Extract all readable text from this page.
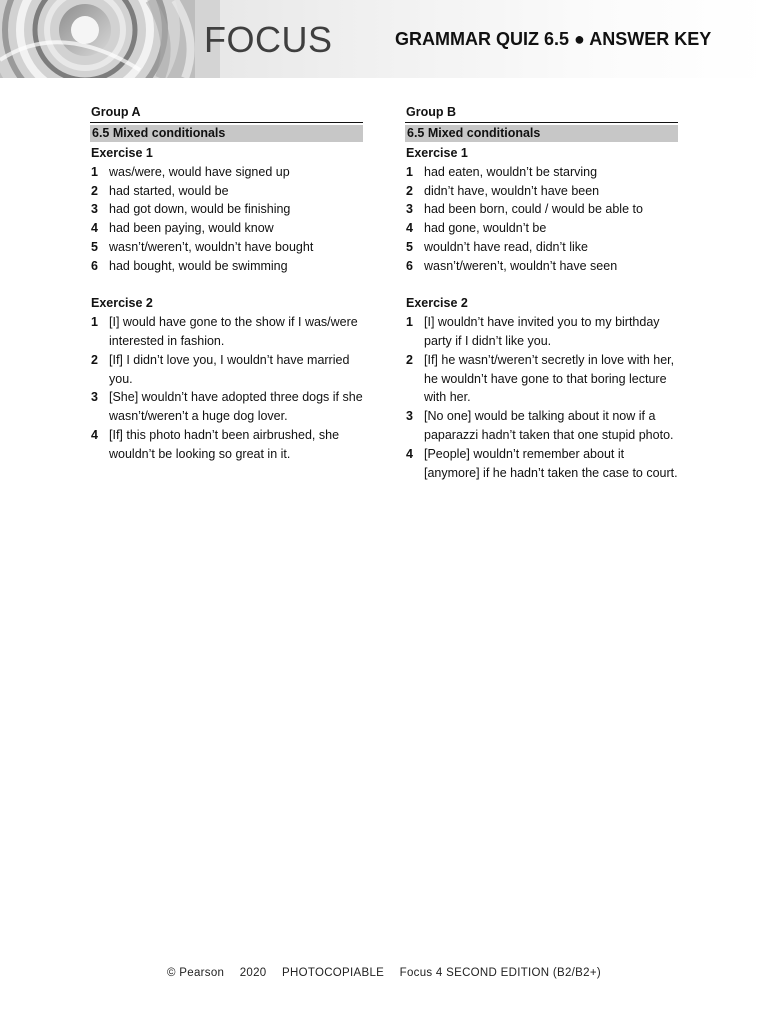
FOCUS	GRAMMAR QUIZ 6.5 ● ANSWER KEY
Group A
6.5 Mixed conditionals
Exercise 1
1 was/were, would have signed up
2 had started, would be
3 had got down, would be finishing
4 had been paying, would know
5 wasn’t/weren’t, wouldn’t have bought
6 had bought, would be swimming
Exercise 2
1 [I] would have gone to the show if I was/were interested in fashion.
2 [If] I didn’t love you, I wouldn’t have married you.
3 [She] wouldn’t have adopted three dogs if she wasn’t/weren’t a huge dog lover.
4 [If] this photo hadn’t been airbrushed, she wouldn’t be looking so great in it.
Group B
6.5 Mixed conditionals
Exercise 1
1 had eaten, wouldn’t be starving
2 didn’t have, wouldn’t have been
3 had been born, could / would be able to
4 had gone, wouldn’t be
5 wouldn’t have read, didn’t like
6 wasn’t/weren’t, wouldn’t have seen
Exercise 2
1 [I] wouldn’t have invited you to my birthday party if I didn’t like you.
2 [If] he wasn’t/weren’t secretly in love with her, he wouldn’t have gone to that boring lecture with her.
3 [No one] would be talking about it now if a paparazzi hadn’t taken that one stupid photo.
4 [People] wouldn’t remember about it [anymore] if he hadn’t taken the case to court.
© Pearson 2020 PHOTOCOPIABLE Focus 4 SECOND EDITION (B2/B2+)
